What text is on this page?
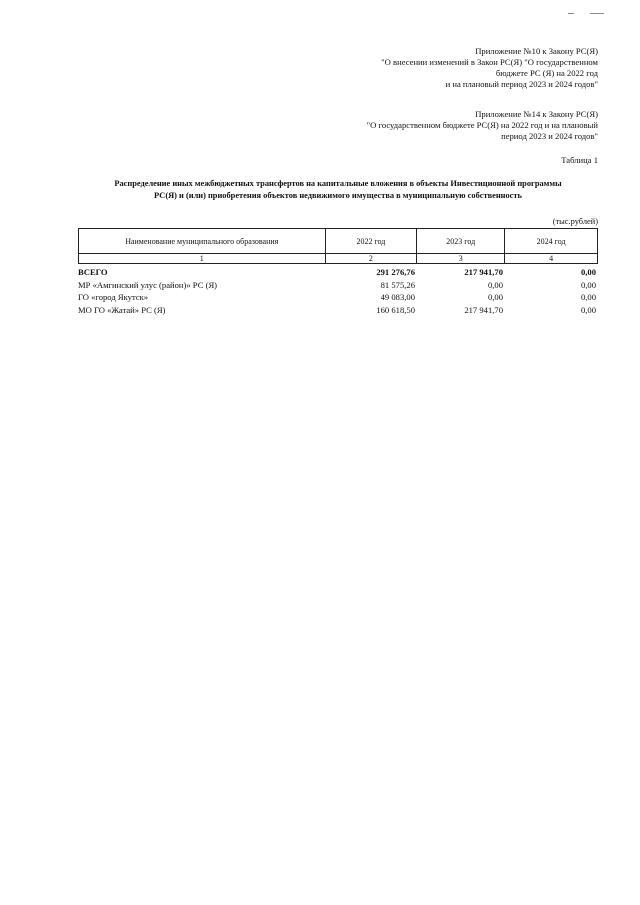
Приложение №10 к Закону РС(Я)
"О внесении изменений в Закон РС(Я) "О государственном
бюджете РС (Я) на 2022 год
и на плановый период 2023 и 2024 годов"
Приложение №14 к Закону РС(Я)
"О государственном бюджете РС(Я) на 2022 год и на плановый
период 2023 и 2024 годов"
Таблица 1
Распределение иных межбюджетных трансфертов на капитальные вложения в объекты Инвестиционной программы
РС(Я) и (или) приобретения объектов недвижимого имущества в муниципальную собственность
(тыс.рублей)
Наименование муниципального образования	2022 год	2023 год	2024 год
1	2	3	4
ВСЕГО	291 276,76	217 941,70	0,00
МР «Амгинский улус (район)» РС (Я)	81 575,26	0,00	0,00
ГО «город Якутск»	49 083,00	0,00	0,00
МО ГО «Жатай» РС (Я)	160 618,50	217 941,70	0,00
